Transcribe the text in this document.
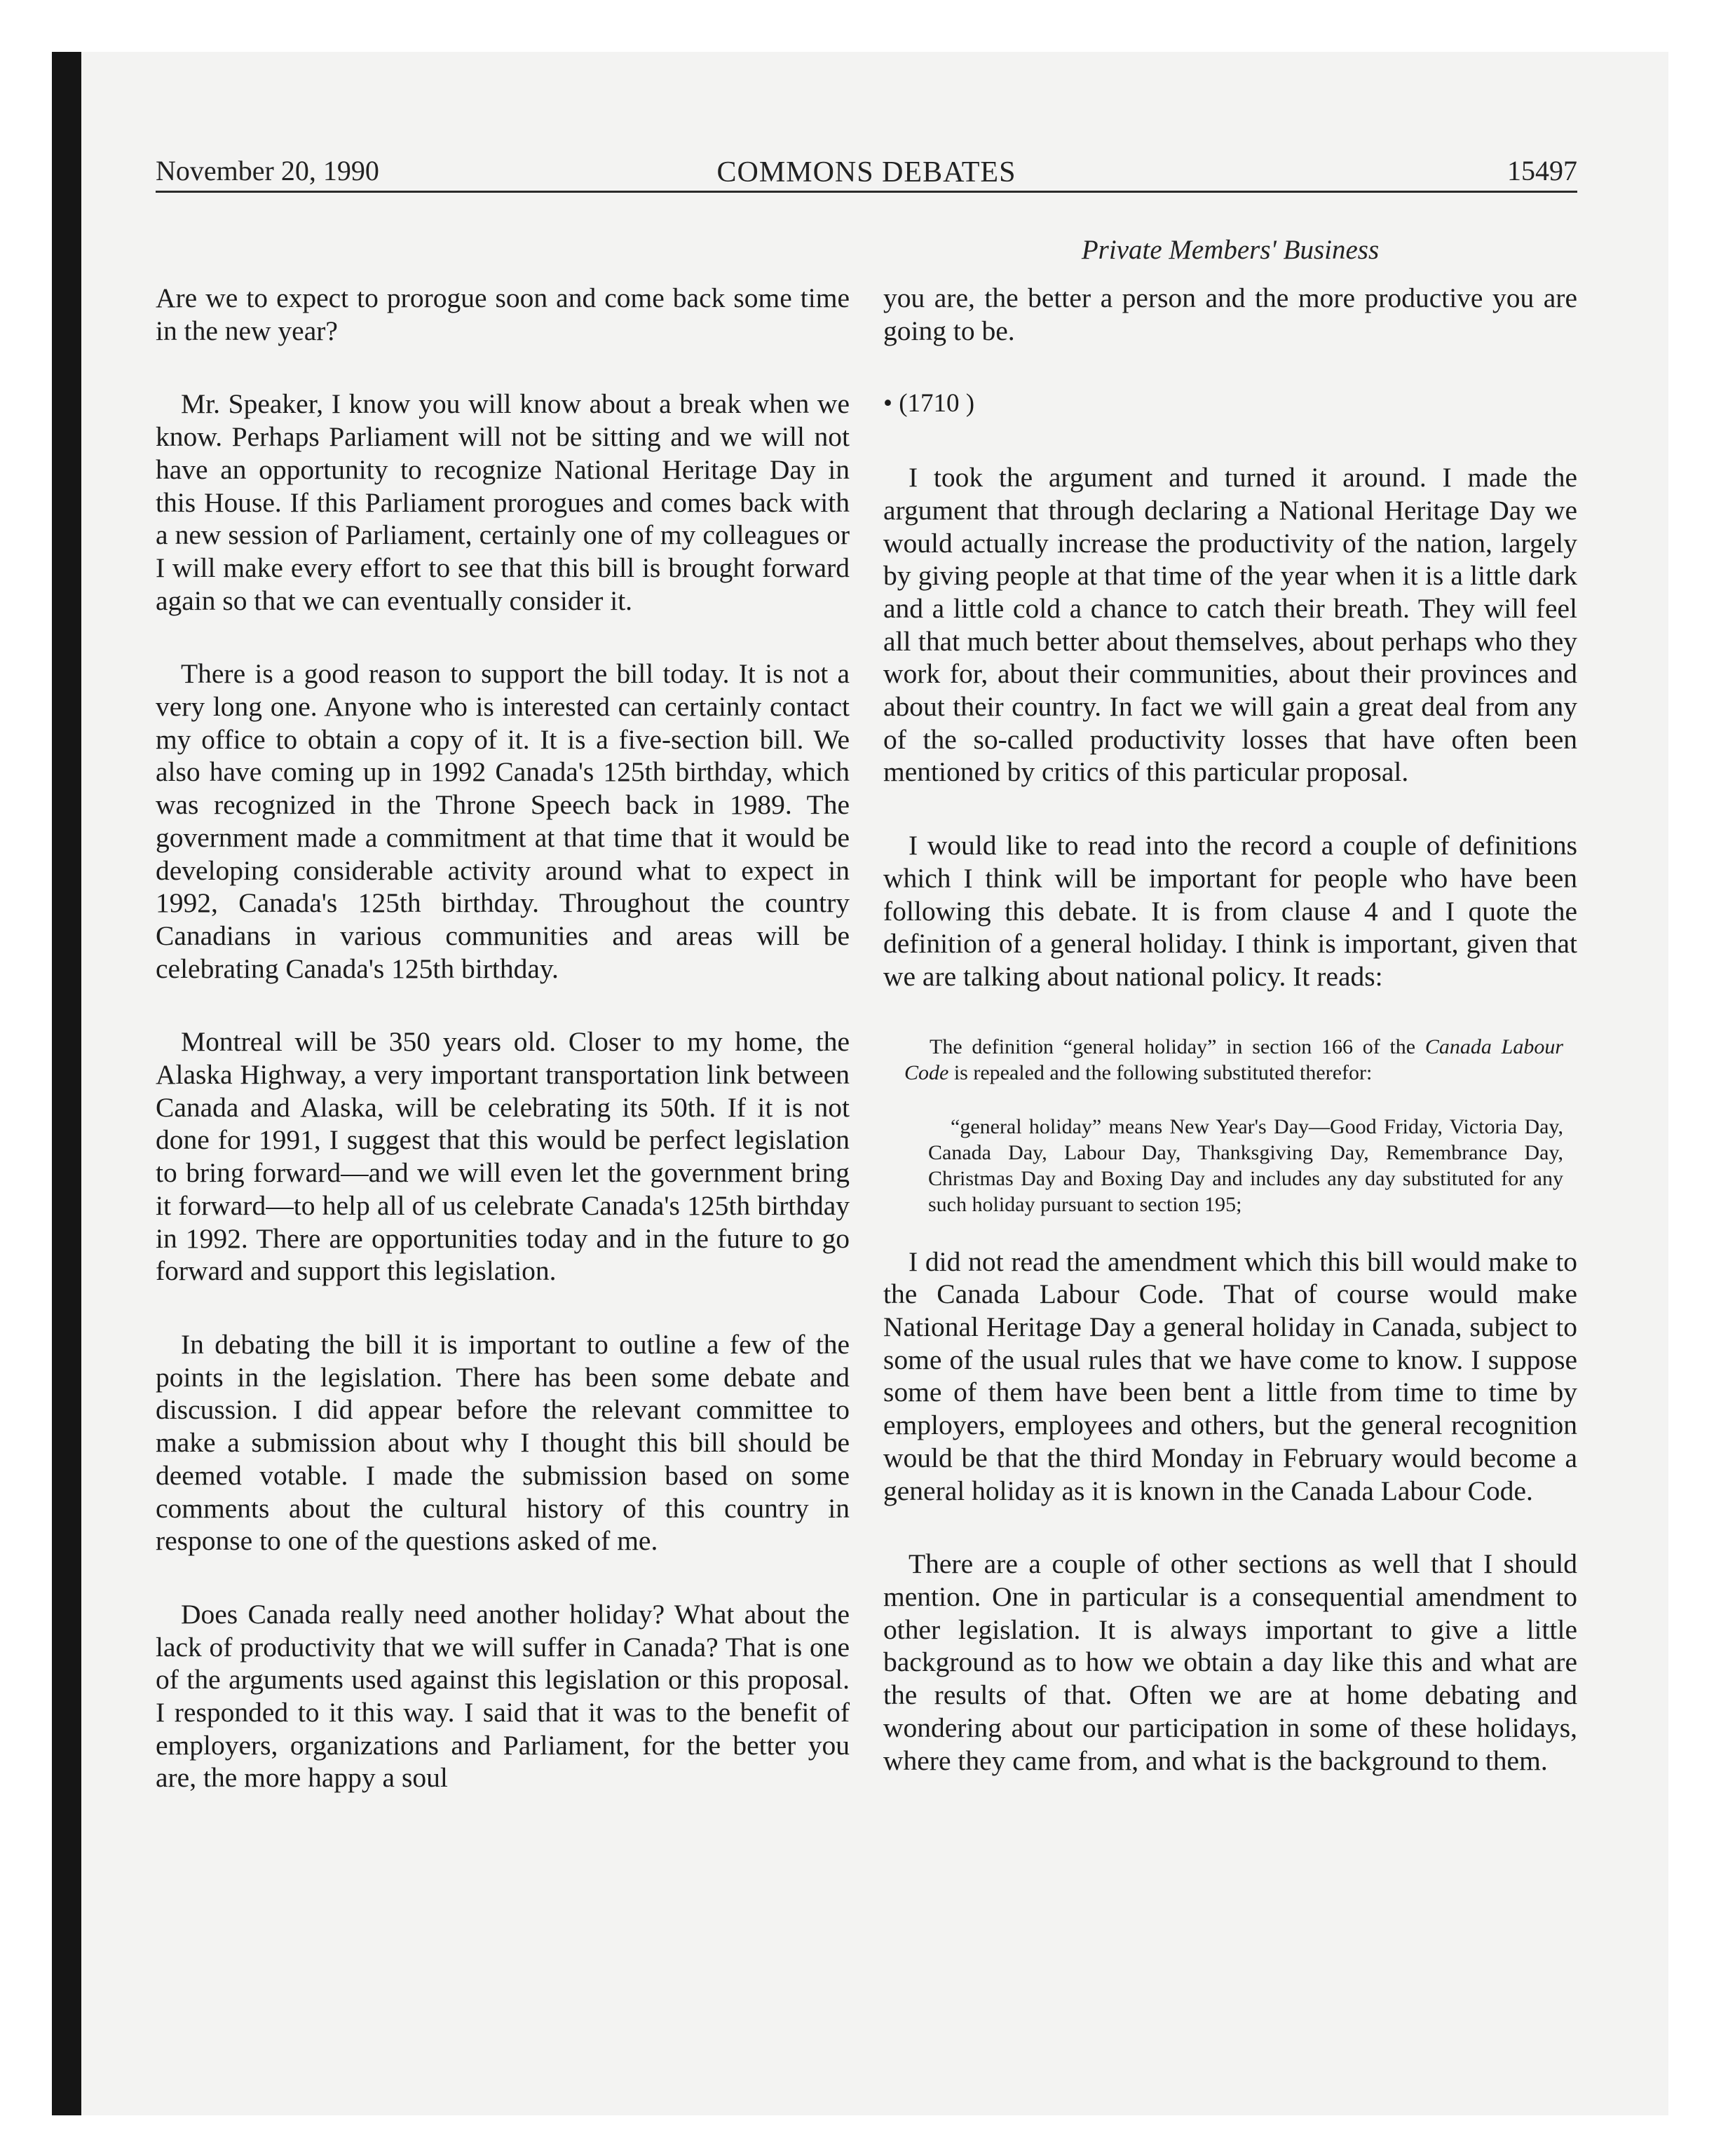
November 20, 1990	COMMONS DEBATES	15497
Private Members' Business

Are we to expect to prorogue soon and come back some time in the new year?

Mr. Speaker, I know you will know about a break when we know. Perhaps Parliament will not be sitting and we will not have an opportunity to recognize National Heritage Day in this House. If this Parliament prorogues and comes back with a new session of Parliament, certainly one of my colleagues or I will make every effort to see that this bill is brought forward again so that we can eventually consider it.

There is a good reason to support the bill today. It is not a very long one. Anyone who is interested can certainly contact my office to obtain a copy of it. It is a five-section bill. We also have coming up in 1992 Canada's 125th birthday, which was recognized in the Throne Speech back in 1989. The government made a commitment at that time that it would be developing considerable activity around what to expect in 1992, Canada's 125th birthday. Throughout the country Canadians in various communities and areas will be celebrating Canada's 125th birthday.

Montreal will be 350 years old. Closer to my home, the Alaska Highway, a very important transportation link between Canada and Alaska, will be celebrating its 50th. If it is not done for 1991, I suggest that this would be perfect legislation to bring forward—and we will even let the government bring it forward—to help all of us celebrate Canada's 125th birthday in 1992. There are opportunities today and in the future to go forward and support this legislation.

In debating the bill it is important to outline a few of the points in the legislation. There has been some debate and discussion. I did appear before the relevant committee to make a submission about why I thought this bill should be deemed votable. I made the submission based on some comments about the cultural history of this country in response to one of the questions asked of me.

Does Canada really need another holiday? What about the lack of productivity that we will suffer in Canada? That is one of the arguments used against this legislation or this proposal. I responded to it this way. I said that it was to the benefit of employers, organizations and Parliament, for the better you are, the more happy a soul

you are, the better a person and the more productive you are going to be.

• (1710 )

I took the argument and turned it around. I made the argument that through declaring a National Heritage Day we would actually increase the productivity of the nation, largely by giving people at that time of the year when it is a little dark and a little cold a chance to catch their breath. They will feel all that much better about themselves, about perhaps who they work for, about their communities, about their provinces and about their country. In fact we will gain a great deal from any of the so-called productivity losses that have often been mentioned by critics of this particular proposal.

I would like to read into the record a couple of definitions which I think will be important for people who have been following this debate. It is from clause 4 and I quote the definition of a general holiday. I think is important, given that we are talking about national policy. It reads:

The definition “general holiday” in section 166 of the Canada Labour Code is repealed and the following substituted therefor:
“general holiday” means New Year's Day—Good Friday, Victoria Day, Canada Day, Labour Day, Thanksgiving Day, Remembrance Day, Christmas Day and Boxing Day and includes any day substituted for any such holiday pursuant to section 195;

I did not read the amendment which this bill would make to the Canada Labour Code. That of course would make National Heritage Day a general holiday in Canada, subject to some of the usual rules that we have come to know. I suppose some of them have been bent a little from time to time by employers, employees and others, but the general recognition would be that the third Monday in February would become a general holiday as it is known in the Canada Labour Code.

There are a couple of other sections as well that I should mention. One in particular is a consequential amendment to other legislation. It is always important to give a little background as to how we obtain a day like this and what are the results of that. Often we are at home debating and wondering about our participation in some of these holidays, where they came from, and what is the background to them.
